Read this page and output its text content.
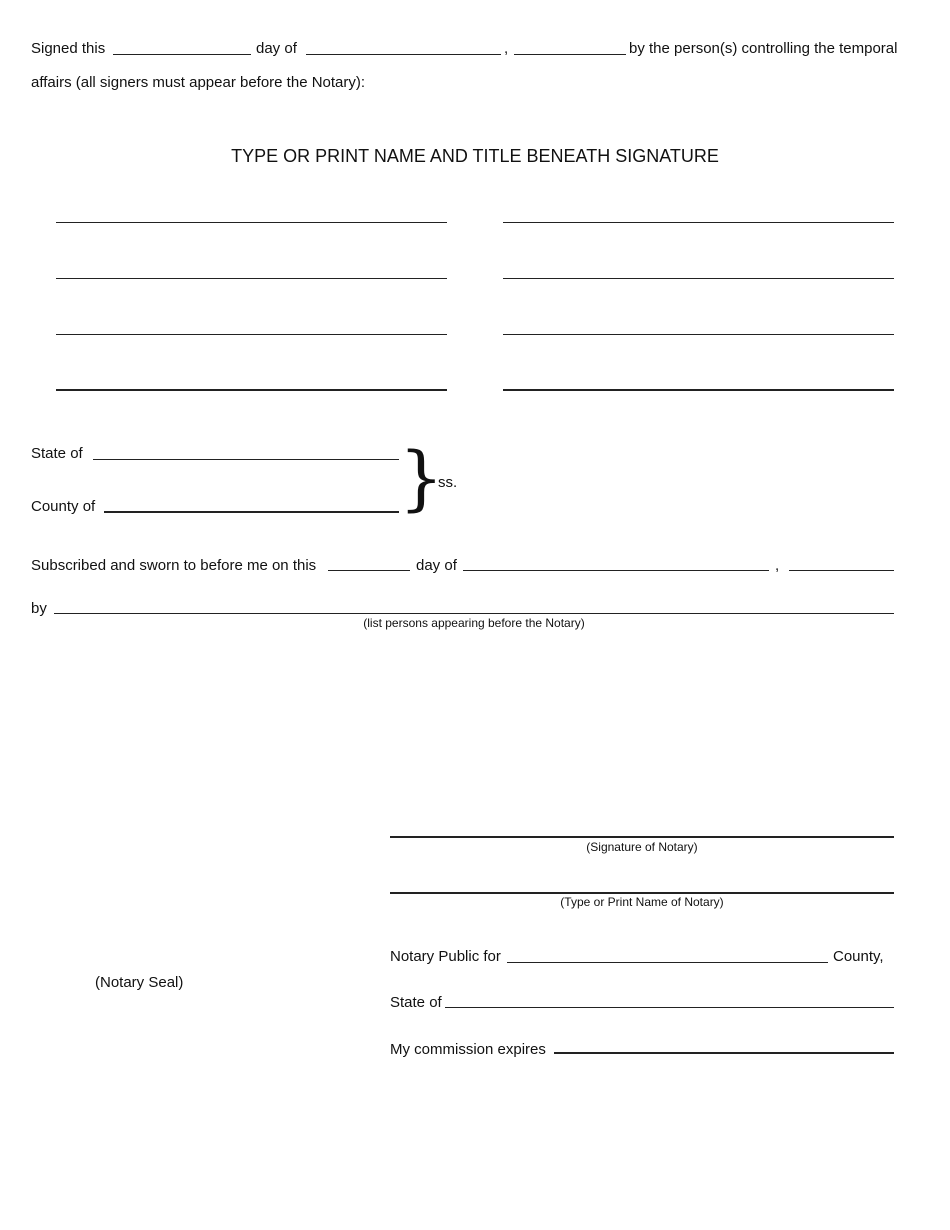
Signed this	day of	,	by the person(s) controlling the temporal
affairs (all signers must appear before the Notary):
TYPE OR PRINT NAME AND TITLE BENEATH SIGNATURE
State of
County of	}
ss.
Subscribed and sworn to before me on this	day of	,
by
(list persons appearing before the Notary)
(Signature of Notary)
(Type or Print Name of Notary)
(Notary Seal)
Notary Public for	County,
State of
My commission expires
